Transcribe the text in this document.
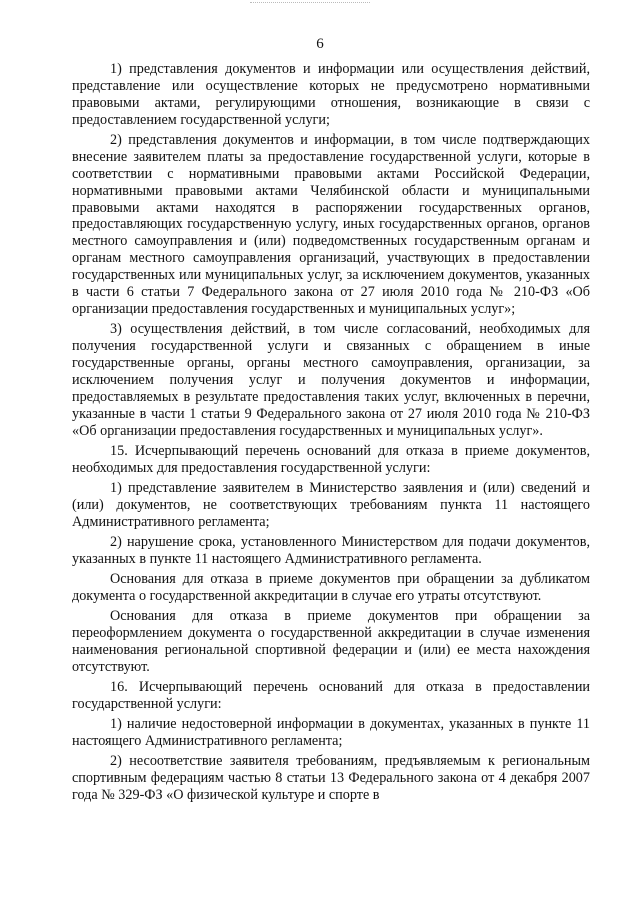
6

1) представления документов и информации или осуществления действий, представление или осуществление которых не предусмотрено нормативными правовыми актами, регулирующими отношения, возникающие в связи с предоставлением государственной услуги;

2) представления документов и информации, в том числе подтверждающих внесение заявителем платы за предоставление государственной услуги, которые в соответствии с нормативными правовыми актами Российской Федерации, нормативными правовыми актами Челябинской области и муниципальными правовыми актами находятся в распоряжении государственных органов, предоставляющих государственную услугу, иных государственных органов, органов местного самоуправления и (или) подведомственных государственным органам и органам местного самоуправления организаций, участвующих в предоставлении государственных или муниципальных услуг, за исключением документов, указанных в части 6 статьи 7 Федерального закона от 27 июля 2010 года № 210-ФЗ «Об организации предоставления государственных и муниципальных услуг»;

3) осуществления действий, в том числе согласований, необходимых для получения государственной услуги и связанных с обращением в иные государственные органы, органы местного самоуправления, организации, за исключением получения услуг и получения документов и информации, предоставляемых в результате предоставления таких услуг, включенных в перечни, указанные в части 1 статьи 9 Федерального закона от 27 июля 2010 года № 210-ФЗ «Об организации предоставления государственных и муниципальных услуг».

15. Исчерпывающий перечень оснований для отказа в приеме документов, необходимых для предоставления государственной услуги:

1) представление заявителем в Министерство заявления и (или) сведений и (или) документов, не соответствующих требованиям пункта 11 настоящего Административного регламента;

2) нарушение срока, установленного Министерством для подачи документов, указанных в пункте 11 настоящего Административного регламента.

Основания для отказа в приеме документов при обращении за дубликатом документа о государственной аккредитации в случае его утраты отсутствуют.

Основания для отказа в приеме документов при обращении за переоформлением документа о государственной аккредитации в случае изменения наименования региональной спортивной федерации и (или) ее места нахождения отсутствуют.

16. Исчерпывающий перечень оснований для отказа в предоставлении государственной услуги:

1) наличие недостоверной информации в документах, указанных в пункте 11 настоящего Административного регламента;

2) несоответствие заявителя требованиям, предъявляемым к региональным спортивным федерациям частью 8 статьи 13 Федерального закона от 4 декабря 2007 года № 329-ФЗ «О физической культуре и спорте в
